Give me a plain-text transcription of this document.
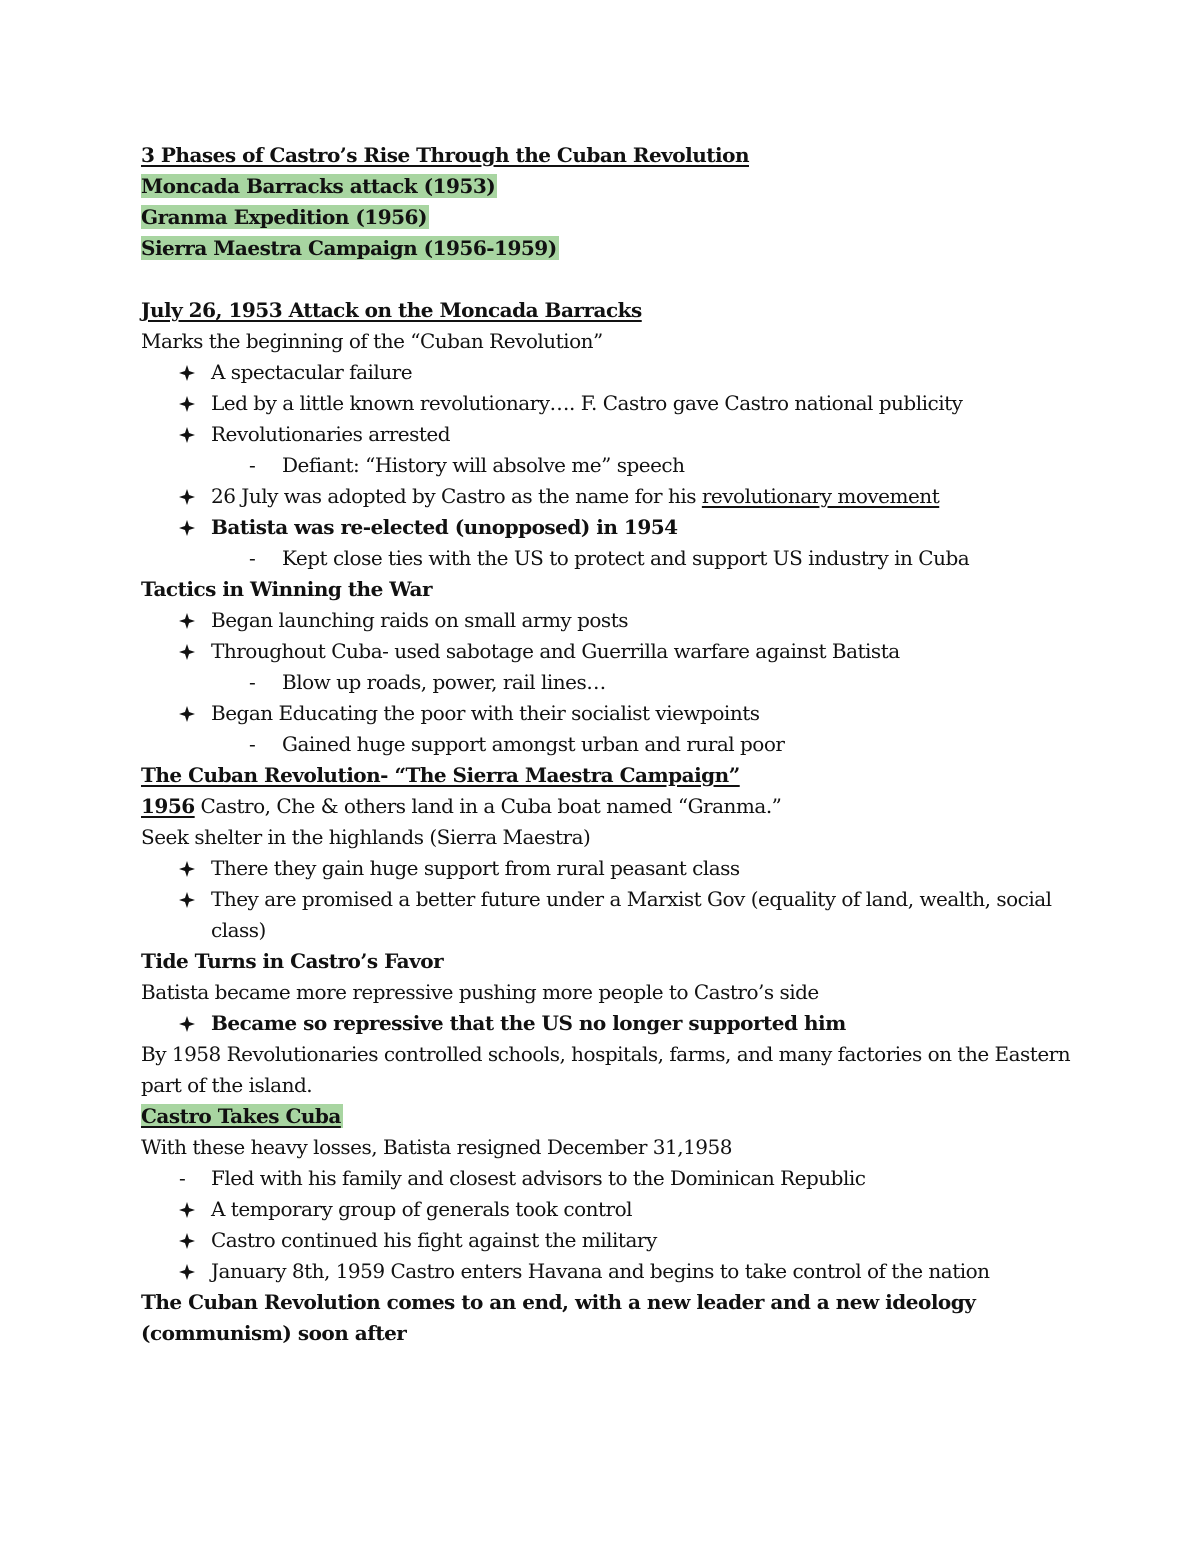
3 Phases of Castro’s Rise Through the Cuban Revolution
Moncada Barracks attack (1953)
Granma Expedition (1956)
Sierra Maestra Campaign (1956-1959)
July 26, 1953 Attack on the Moncada Barracks
Marks the beginning of the “Cuban Revolution”
A spectacular failure
Led by a little known revolutionary…. F. Castro gave Castro national publicity
Revolutionaries arrested
- Defiant: “History will absolve me” speech
26 July was adopted by Castro as the name for his revolutionary movement
Batista was re-elected (unopposed) in 1954
- Kept close ties with the US to protect and support US industry in Cuba
Tactics in Winning the War
Began launching raids on small army posts
Throughout Cuba- used sabotage and Guerrilla warfare against Batista
- Blow up roads, power, rail lines…
Began Educating the poor with their socialist viewpoints
- Gained huge support amongst urban and rural poor
The Cuban Revolution- “The Sierra Maestra Campaign”
1956 Castro, Che & others land in a Cuba boat named “Granma.”
Seek shelter in the highlands (Sierra Maestra)
There they gain huge support from rural peasant class
They are promised a better future under a Marxist Gov (equality of land, wealth, social
class)
Tide Turns in Castro’s Favor
Batista became more repressive pushing more people to Castro’s side
Became so repressive that the US no longer supported him
By 1958 Revolutionaries controlled schools, hospitals, farms, and many factories on the Eastern
part of the island.
Castro Takes Cuba
With these heavy losses, Batista resigned December 31,1958
- Fled with his family and closest advisors to the Dominican Republic
A temporary group of generals took control
Castro continued his fight against the military
January 8th, 1959 Castro enters Havana and begins to take control of the nation
The Cuban Revolution comes to an end, with a new leader and a new ideology
(communism) soon after
